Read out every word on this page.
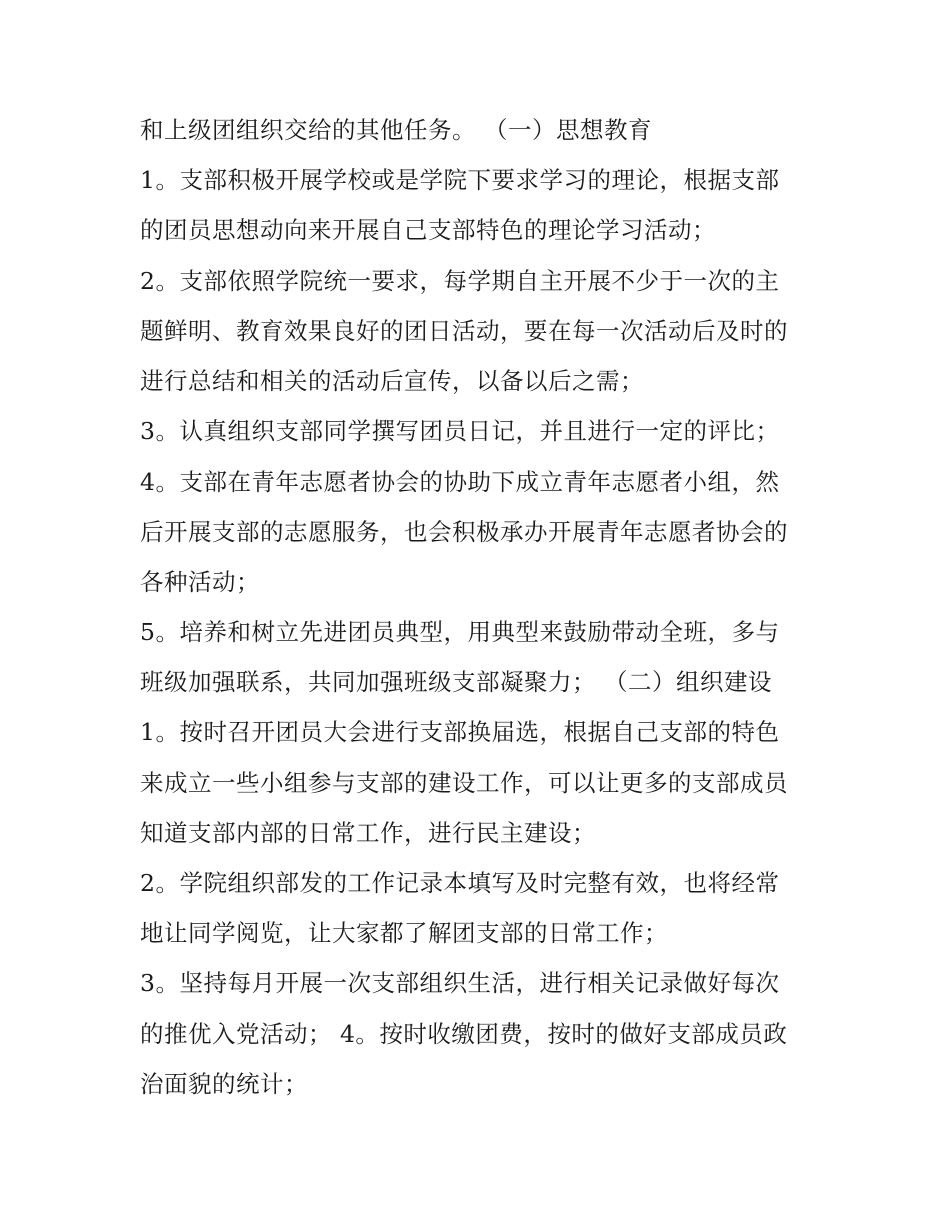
和上级团组织交给的其他任务。 （一）思想教育
1。支部积极开展学校或是学院下要求学习的理论，根据支部
的团员思想动向来开展自己支部特色的理论学习活动；
2。支部依照学院统一要求，每学期自主开展不少于一次的主
题鲜明、教育效果良好的团日活动，要在每一次活动后及时的
进行总结和相关的活动后宣传，以备以后之需；
3。认真组织支部同学撰写团员日记，并且进行一定的评比；
4。支部在青年志愿者协会的协助下成立青年志愿者小组，然
后开展支部的志愿服务，也会积极承办开展青年志愿者协会的
各种活动；
5。培养和树立先进团员典型，用典型来鼓励带动全班，多与
班级加强联系，共同加强班级支部凝聚力； （二）组织建设
1。按时召开团员大会进行支部换届选，根据自己支部的特色
来成立一些小组参与支部的建设工作，可以让更多的支部成员
知道支部内部的日常工作，进行民主建设；
2。学院组织部发的工作记录本填写及时完整有效，也将经常
地让同学阅览，让大家都了解团支部的日常工作；
3。坚持每月开展一次支部组织生活，进行相关记录做好每次
的推优入党活动； 4。按时收缴团费，按时的做好支部成员政
治面貌的统计；
